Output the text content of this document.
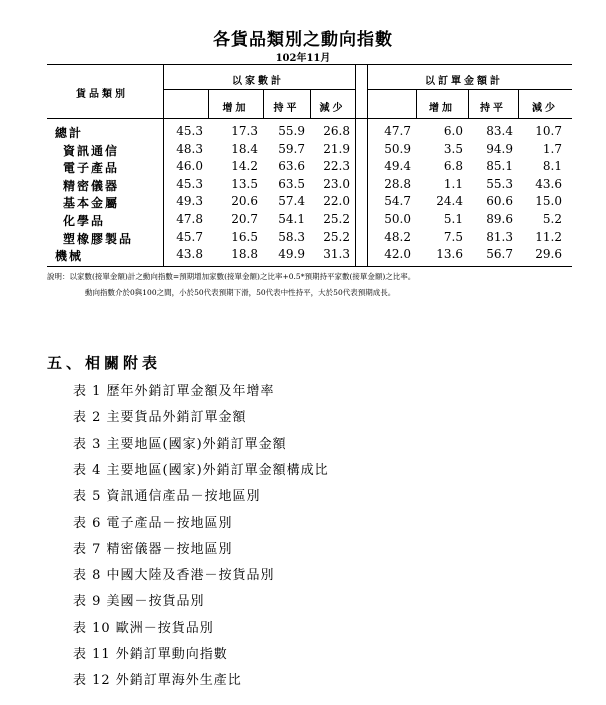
各貨品類別之動向指數
102年11月
貨品類別
以家數計	以訂單金額計
增加	持平	減少	增加	持平	減少
總計	45.3	17.3	55.9	26.8	47.7	6.0	83.4	10.7
資訊通信	48.3	18.4	59.7	21.9	50.9	3.5	94.9	1.7
電子產品	46.0	14.2	63.6	22.3	49.4	6.8	85.1	8.1
精密儀器	45.3	13.5	63.5	23.0	28.8	1.1	55.3	43.6
基本金屬	49.3	20.6	57.4	22.0	54.7	24.4	60.6	15.0
化學品	47.8	20.7	54.1	25.2	50.0	5.1	89.6	5.2
塑橡膠製品	45.7	16.5	58.3	25.2	48.2	7.5	81.3	11.2
機械	43.8	18.8	49.9	31.3	42.0	13.6	56.7	29.6
說明：以家數(接單金額)計之動向指數=預期增加家數(接單金額)之比率+0.5*預期持平家數(接單金額)之比率。
動向指數介於0與100之間，小於50代表預期下滑，50代表中性持平，大於50代表預期成長。
五、相關附表
表 1 歷年外銷訂單金額及年增率
表 2 主要貨品外銷訂單金額
表 3 主要地區(國家)外銷訂單金額
表 4 主要地區(國家)外銷訂單金額構成比
表 5 資訊通信產品－按地區別
表 6 電子產品－按地區別
表 7 精密儀器－按地區別
表 8 中國大陸及香港－按貨品別
表 9 美國－按貨品別
表 10 歐洲－按貨品別
表 11 外銷訂單動向指數
表 12 外銷訂單海外生產比
